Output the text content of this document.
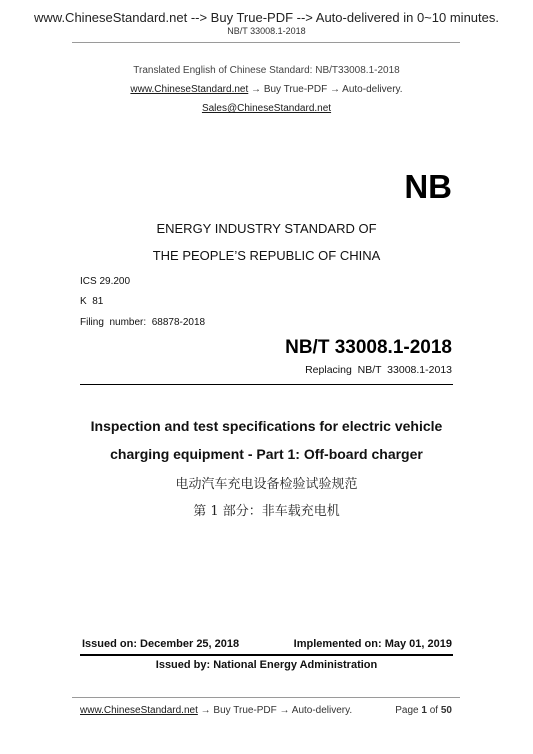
www.ChineseStandard.net --> Buy True-PDF --> Auto-delivered in 0~10 minutes.
NB/T 33008.1-2018
Translated English of Chinese Standard: NB/T33008.1-2018
www.ChineseStandard.net → Buy True-PDF → Auto-delivery.
Sales@ChineseStandard.net
NB
ENERGY INDUSTRY STANDARD OF
THE PEOPLE’S REPUBLIC OF CHINA
ICS 29.200
K  81
Filing  number:  68878-2018
NB/T 33008.1-2018
Replacing  NB/T  33008.1-2013
Inspection and test specifications for electric vehicle
charging equipment - Part 1: Off-board charger
电动汽车充电设备检验试验规范
第 1 部分：非车载充电机
Issued on: December 25, 2018	Implemented on: May 01, 2019
Issued by: National Energy Administration
www.ChineseStandard.net → Buy True-PDF → Auto-delivery.	Page 1 of 50
